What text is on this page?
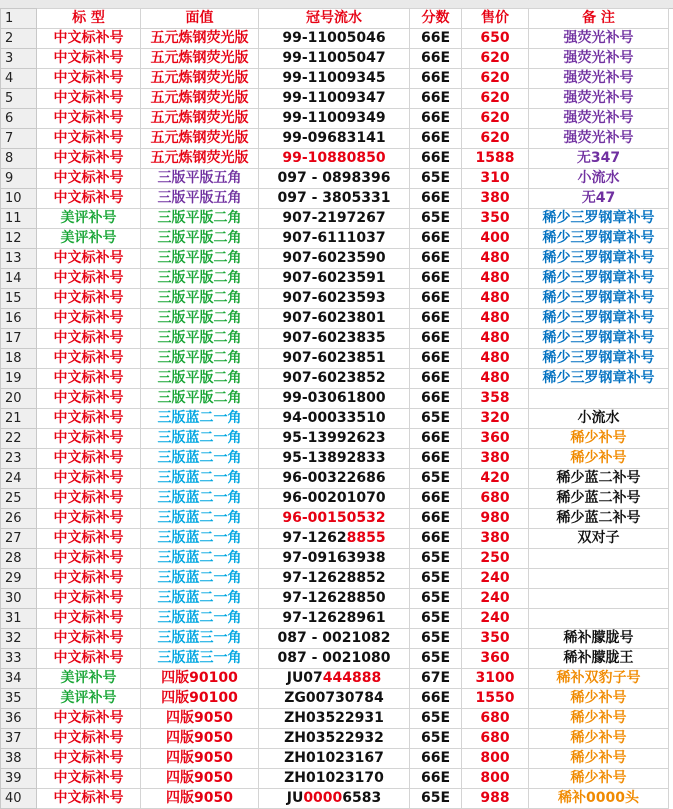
1	标 型	面值	冠号流水	分数	售价	备 注
2	中文标补号	五元炼钢荧光版	99-11005046	66E	650	强荧光补号
3	中文标补号	五元炼钢荧光版	99-11005047	66E	620	强荧光补号
4	中文标补号	五元炼钢荧光版	99-11009345	66E	620	强荧光补号
5	中文标补号	五元炼钢荧光版	99-11009347	66E	620	强荧光补号
6	中文标补号	五元炼钢荧光版	99-11009349	66E	620	强荧光补号
7	中文标补号	五元炼钢荧光版	99-09683141	66E	620	强荧光补号
8	中文标补号	五元炼钢荧光版	99-10880850	66E	1588	无347
9	中文标补号	三版平版五角	097 - 0898396	65E	310	小流水
10	中文标补号	三版平版五角	097 - 3805331	66E	380	无47
11	美评补号	三版平版二角	907-2197267	65E	350	稀少三罗钢章补号
12	美评补号	三版平版二角	907-6111037	66E	400	稀少三罗钢章补号
13	中文标补号	三版平版二角	907-6023590	66E	480	稀少三罗钢章补号
14	中文标补号	三版平版二角	907-6023591	66E	480	稀少三罗钢章补号
15	中文标补号	三版平版二角	907-6023593	66E	480	稀少三罗钢章补号
16	中文标补号	三版平版二角	907-6023801	66E	480	稀少三罗钢章补号
17	中文标补号	三版平版二角	907-6023835	66E	480	稀少三罗钢章补号
18	中文标补号	三版平版二角	907-6023851	66E	480	稀少三罗钢章补号
19	中文标补号	三版平版二角	907-6023852	66E	480	稀少三罗钢章补号
20	中文标补号	三版平版二角	99-03061800	66E	358	
21	中文标补号	三版蓝二一角	94-00033510	65E	320	小流水
22	中文标补号	三版蓝二一角	95-13992623	66E	360	稀少补号
23	中文标补号	三版蓝二一角	95-13892833	66E	380	稀少补号
24	中文标补号	三版蓝二一角	96-00322686	65E	420	稀少蓝二补号
25	中文标补号	三版蓝二一角	96-00201070	66E	680	稀少蓝二补号
26	中文标补号	三版蓝二一角	96-00150532	66E	980	稀少蓝二补号
27	中文标补号	三版蓝二一角	97-12628855	66E	380	双对子
28	中文标补号	三版蓝二一角	97-09163938	65E	250	
29	中文标补号	三版蓝二一角	97-12628852	65E	240	
30	中文标补号	三版蓝二一角	97-12628850	65E	240	
31	中文标补号	三版蓝二一角	97-12628961	65E	240	
32	中文标补号	三版蓝三一角	087 - 0021082	65E	350	稀补朦胧号
33	中文标补号	三版蓝三一角	087 - 0021080	65E	360	稀补朦胧王
34	美评补号	四版90100	JU07444888	67E	3100	稀补双豹子号
35	美评补号	四版90100	ZG00730784	66E	1550	稀少补号
36	中文标补号	四版9050	ZH03522931	65E	680	稀少补号
37	中文标补号	四版9050	ZH03522932	65E	680	稀少补号
38	中文标补号	四版9050	ZH01023167	66E	800	稀少补号
39	中文标补号	四版9050	ZH01023170	66E	800	稀少补号
40	中文标补号	四版9050	JU00006583	65E	988	稀补0000头
